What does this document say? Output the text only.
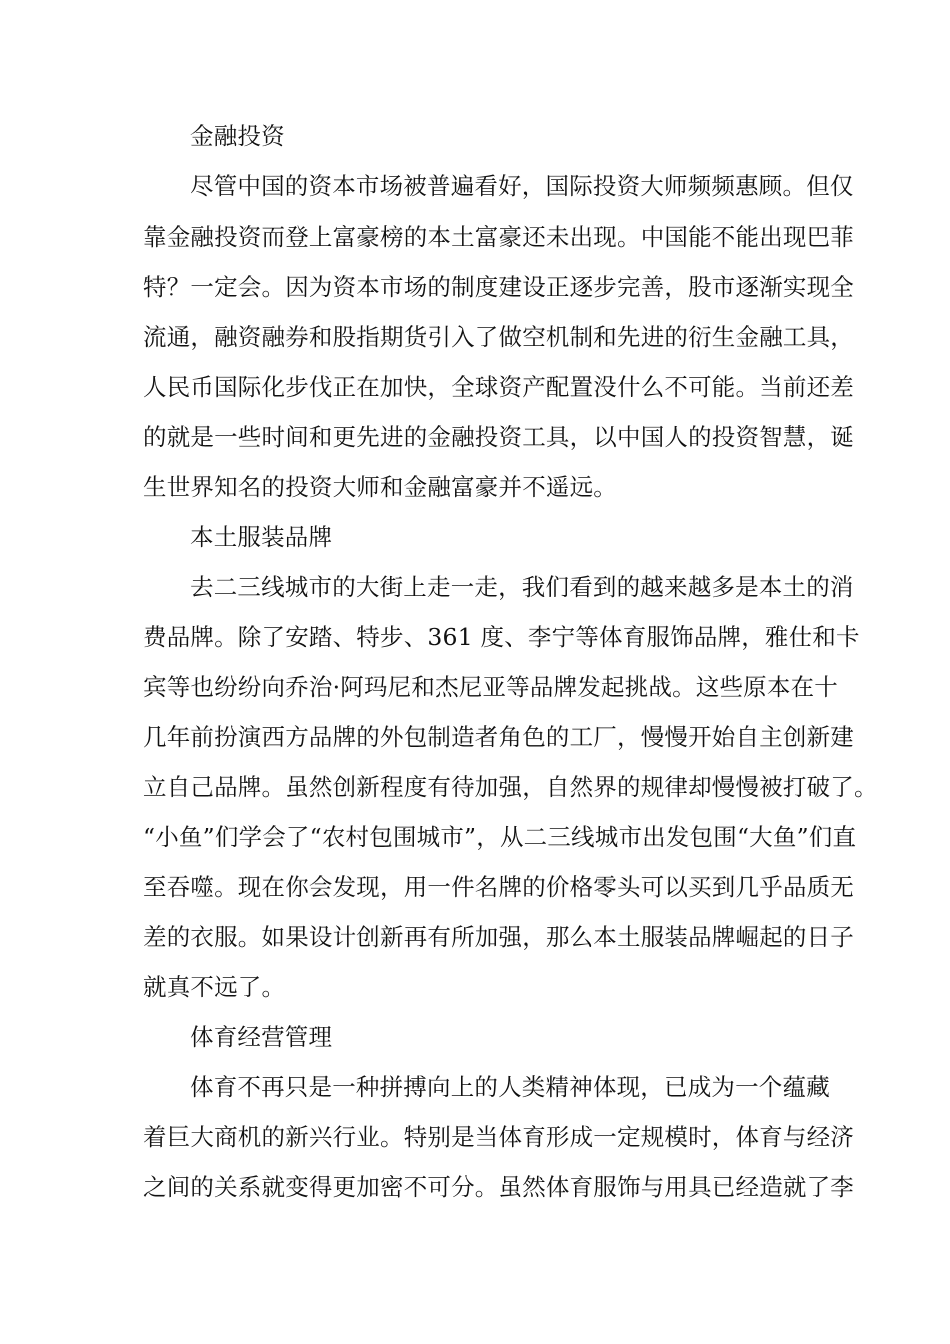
金融投资
尽管中国的资本市场被普遍看好，国际投资大师频频惠顾。但仅
靠金融投资而登上富豪榜的本土富豪还未出现。中国能不能出现巴菲
特？一定会。因为资本市场的制度建设正逐步完善，股市逐渐实现全
流通，融资融券和股指期货引入了做空机制和先进的衍生金融工具，
人民币国际化步伐正在加快，全球资产配置没什么不可能。当前还差
的就是一些时间和更先进的金融投资工具，以中国人的投资智慧，诞
生世界知名的投资大师和金融富豪并不遥远。
本土服装品牌
去二三线城市的大街上走一走，我们看到的越来越多是本土的消
费品牌。除了安踏、特步、361 度、李宁等体育服饰品牌，雅仕和卡
宾等也纷纷向乔治·阿玛尼和杰尼亚等品牌发起挑战。这些原本在十
几年前扮演西方品牌的外包制造者角色的工厂，慢慢开始自主创新建
立自己品牌。虽然创新程度有待加强，自然界的规律却慢慢被打破了。
“小鱼”们学会了“农村包围城市”，从二三线城市出发包围“大鱼”们直
至吞噬。现在你会发现，用一件名牌的价格零头可以买到几乎品质无
差的衣服。如果设计创新再有所加强，那么本土服装品牌崛起的日子
就真不远了。
体育经营管理
体育不再只是一种拼搏向上的人类精神体现，已成为一个蕴藏
着巨大商机的新兴行业。特别是当体育形成一定规模时，体育与经济
之间的关系就变得更加密不可分。虽然体育服饰与用具已经造就了李
